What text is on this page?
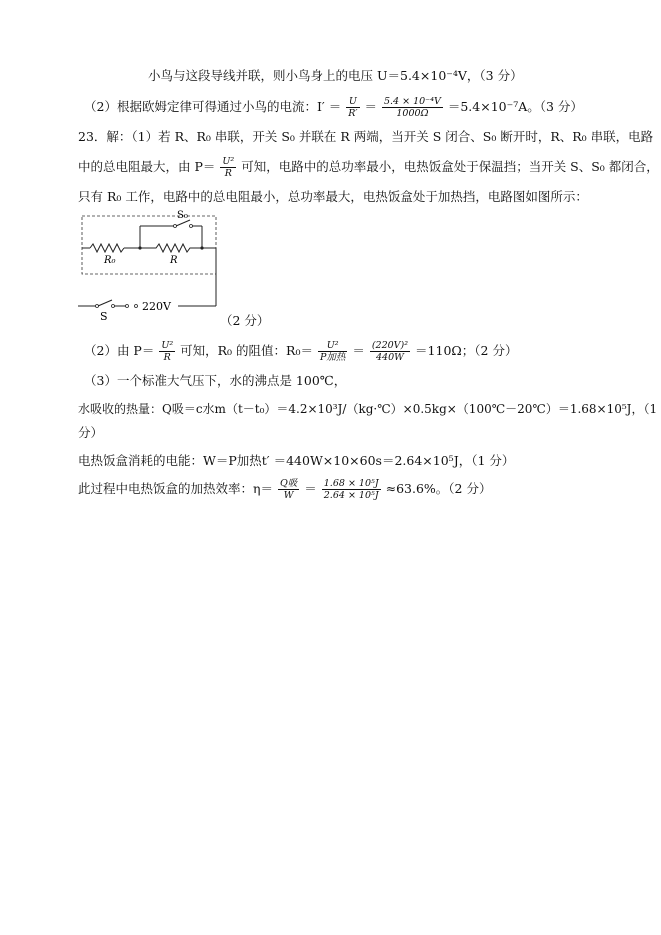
小鸟与这段导线并联，则小鸟身上的电压 U＝5.4×10⁻⁴V，（3 分）
（2）根据欧姆定律可得通过小鸟的电流：$I' = \frac{U}{R'} = \frac{\text{5.4 × 10⁻⁴V}}{1000\Omega} =5.4\times 10^{-7}A$。（3 分）
23．解：（1）若 R、R₀ 串联，开关 S₀ 并联在 R 两端，当开关 S 闭合、S₀ 断开时，R、R₀ 串联，电路
中的总电阻最大，由 $P= \frac{\text{U²}}{R}$ 可知，电路中的总功率最小，电热饭盒处于保温挡；当开关 S、S₀ 都闭合，
只有 R₀ 工作，电路中的总电阻最小，总功率最大，电热饭盒处于加热挡，电路图如图所示：
S₀
R₀	R
220V
S	（2 分）
（2）由 $P= \frac{\text{U²}}{R}$ 可知，R₀ 的阻值：$R_0= \frac{\text{U²}}{\text{P加热}} = \frac{\text{(220V)²}}{440W} =110\Omega$；（2 分）
（3）一个标准大气压下，水的沸点是 100℃，
水吸收的热量：Q吸＝c水m（t－t₀）＝4.2×10³J/（kg·℃）×0.5kg×（100℃－20℃）＝1.68×10⁵J，（1
分）
电热饭盒消耗的电能：W＝P加热t′ ＝440W×10×60s＝2.64×10⁵J，（1 分）
此过程中电热饭盒的加热效率：$\eta= \frac{\text{Q吸}}{W} = \frac{\text{1.68 × 10⁵J}}{\text{2.64 × 10⁵J}} \approx 63.6\%$。（2 分）
